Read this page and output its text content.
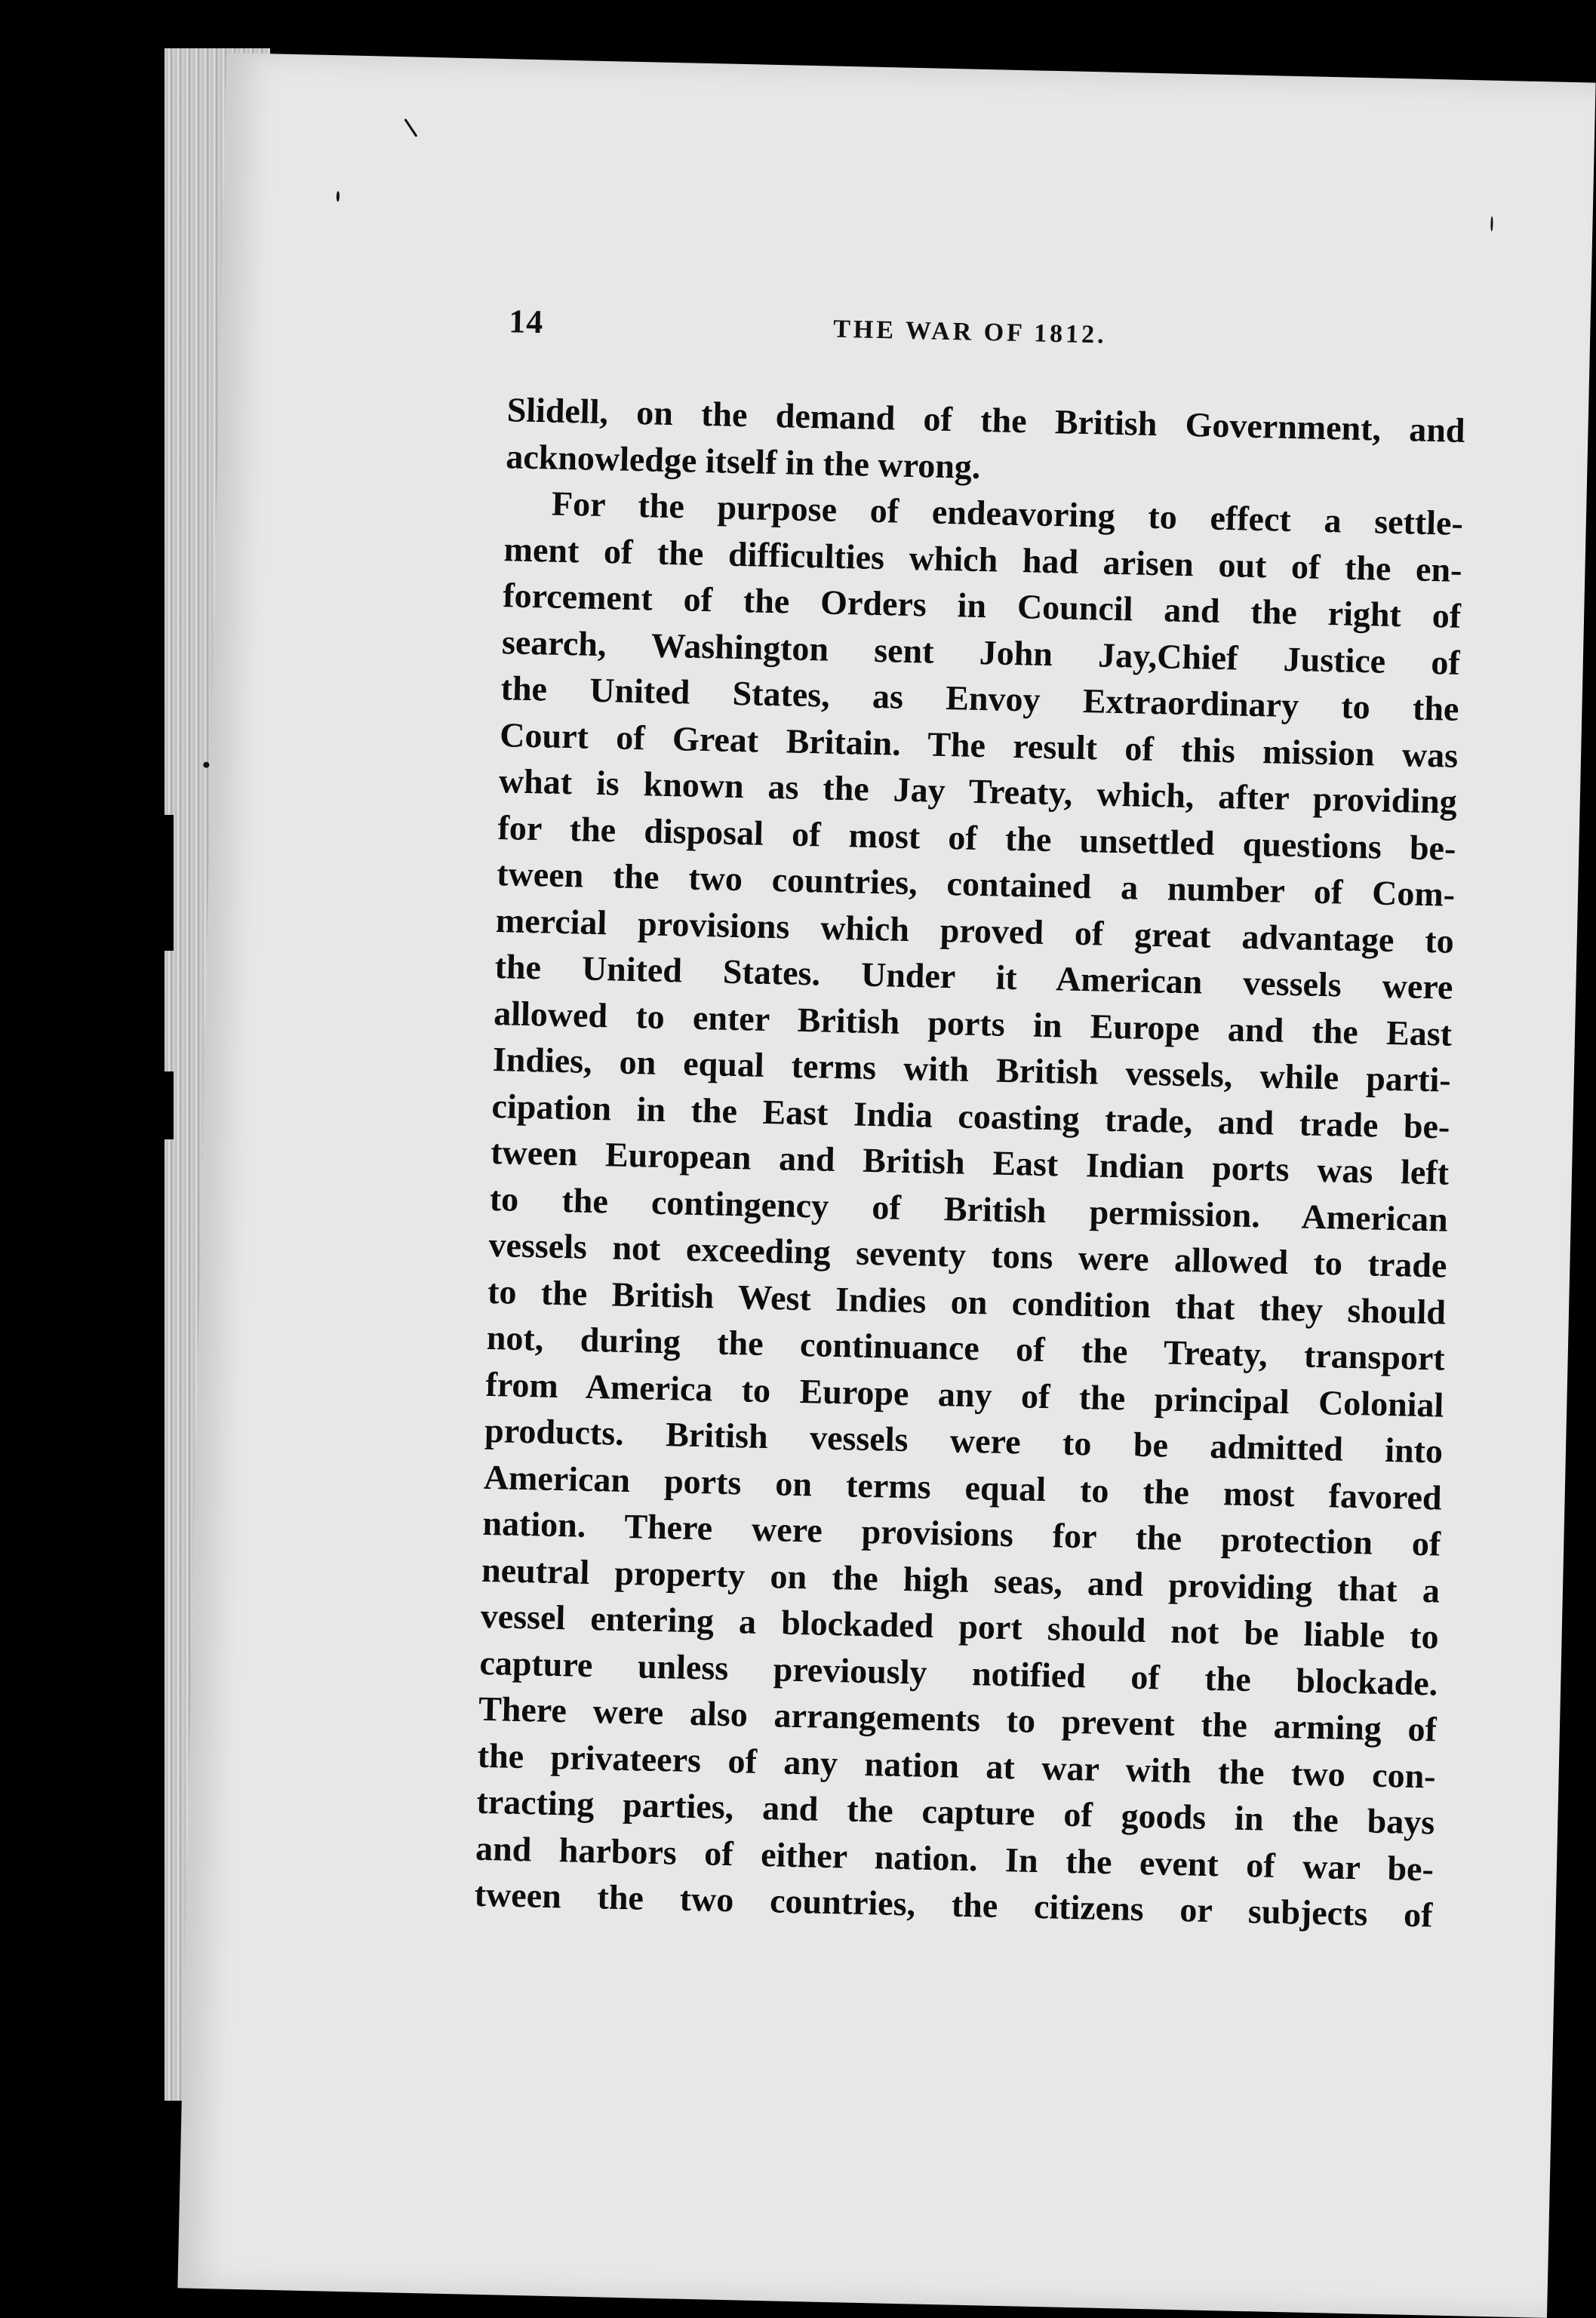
14	THE WAR OF 1812.
Slidell, on the demand of the British Government, and
acknowledge itself in the wrong.
For the purpose of endeavoring to effect a settle-
ment of the difficulties which had arisen out of the en-
forcement of the Orders in Council and the right of
search, Washington sent John Jay,Chief Justice of
the United States, as Envoy Extraordinary to the
Court of Great Britain. The result of this mission was
what is known as the Jay Treaty, which, after providing
for the disposal of most of the unsettled questions be-
tween the two countries, contained a number of Com-
mercial provisions which proved of great advantage to
the United States. Under it American vessels were
allowed to enter British ports in Europe and the East
Indies, on equal terms with British vessels, while parti-
cipation in the East India coasting trade, and trade be-
tween European and British East Indian ports was left
to the contingency of British permission. American
vessels not exceeding seventy tons were allowed to trade
to the British West Indies on condition that they should
not, during the continuance of the Treaty, transport
from America to Europe any of the principal Colonial
products. British vessels were to be admitted into
American ports on terms equal to the most favored
nation. There were provisions for the protection of
neutral property on the high seas, and providing that a
vessel entering a blockaded port should not be liable to
capture unless previously notified of the blockade.
There were also arrangements to prevent the arming of
the privateers of any nation at war with the two con-
tracting parties, and the capture of goods in the bays
and harbors of either nation. In the event of war be-
tween the two countries, the citizens or subjects of
